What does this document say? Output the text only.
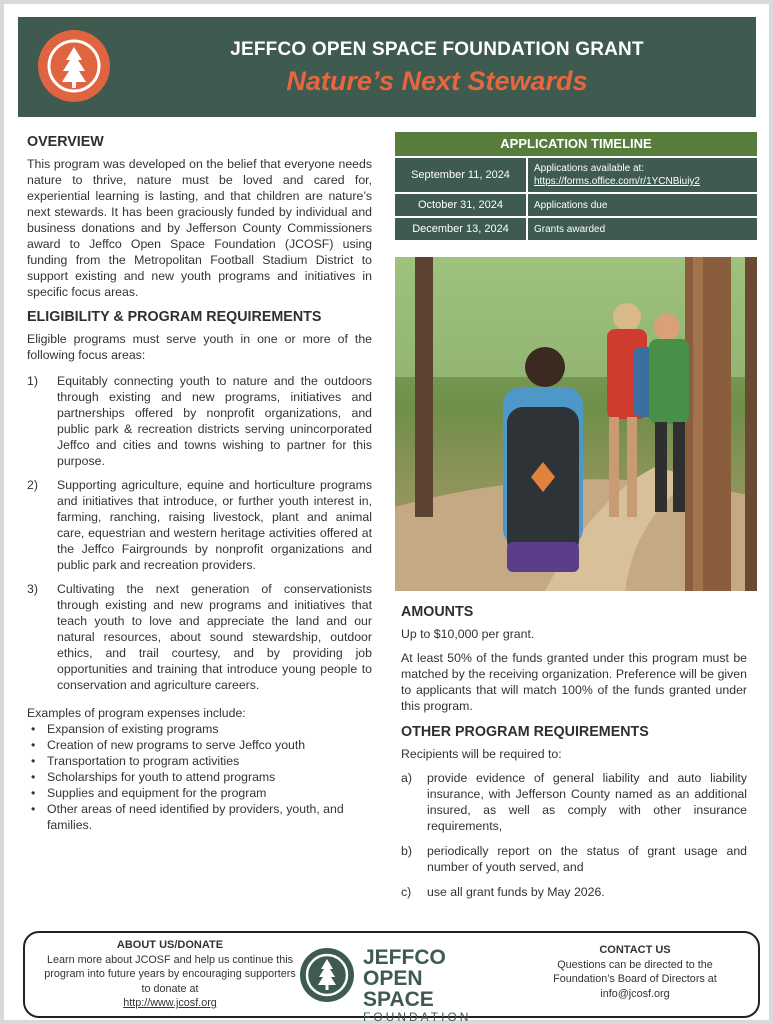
JEFFCO OPEN SPACE FOUNDATION GRANT
Nature’s Next Stewards
OVERVIEW

This program was developed on the belief that everyone needs nature to thrive, nature must be loved and cared for, experiential learning is lasting, and that children are nature’s next stewards. It has been graciously funded by individual and business donations and by Jefferson County Commissioners award to Jeffco Open Space Foundation (JCOSF) using funding from the Metropolitan Football Stadium District to support existing and new youth programs and initiatives in specific focus areas.

ELIGIBILITY & PROGRAM REQUIREMENTS

Eligible programs must serve youth in one or more of the following focus areas:

1) Equitably connecting youth to nature and the outdoors through existing and new programs, initiatives and partnerships offered by nonprofit organizations, and public park & recreation districts serving unincorporated Jeffco and cities and towns wishing to partner for this purpose.
2) Supporting agriculture, equine and horticulture programs and initiatives that introduce, or further youth interest in, farming, ranching, raising livestock, plant and animal care, equestrian and western heritage activities offered at the Jeffco Fairgrounds by nonprofit organizations and public park and recreation providers.
3) Cultivating the next generation of conservationists through existing and new programs and initiatives that teach youth to love and appreciate the land and our natural resources, about sound stewardship, outdoor ethics, and trail courtesy, and by providing job opportunities and training that introduce young people to conservation and agriculture careers.

Examples of program expenses include:

• Expansion of existing programs
• Creation of new programs to serve Jeffco youth
• Transportation to program activities
• Scholarships for youth to attend programs
• Supplies and equipment for the program
• Other areas of need identified by providers, youth, and families.
APPLICATION TIMELINE
September 11, 2024
Applications available at:
https://forms.office.com/r/1YCNBiuiy2
October 31, 2024	Applications due
December 13, 2024	Grants awarded
AMOUNTS

Up to $10,000 per grant.

At least 50% of the funds granted under this program must be matched by the receiving organization. Preference will be given to applicants that will match 100% of the funds granted under this program.

OTHER PROGRAM REQUIREMENTS

Recipients will be required to:

a) provide evidence of general liability and auto liability insurance, with Jefferson County named as an additional insured, as well as comply with other insurance requirements,
b) periodically report on the status of grant usage and number of youth served, and
c) use all grant funds by May 2026.
ABOUT US/DONATE
Learn more about JCOSF and help us continue this program into future years by encouraging supporters to donate at
http://www.jcosf.org
JEFFCO
OPEN SPACE
FOUNDATION
CONTACT US
Questions can be directed to the Foundation’s Board of Directors at
info@jcosf.org
